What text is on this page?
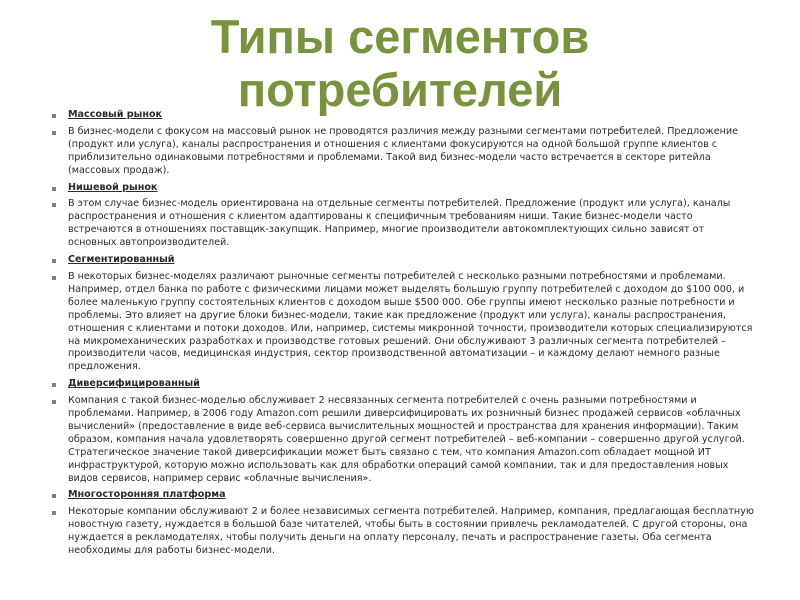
Типы сегментов
потребителей
Массовый рынок
В бизнес-модели с фокусом на массовый рынок не проводятся различия между разными сегментами потребителей. Предложение (продукт или услуга), каналы распространения и отношения с клиентами фокусируются на одной большой группе клиентов с приблизительно одинаковыми потребностями и проблемами. Такой вид бизнес-модели часто встречается в секторе ритейла (массовых продаж).
Нишевой рынок
В этом случае бизнес-модель ориентирована на отдельные сегменты потребителей. Предложение (продукт или услуга), каналы распространения и отношения с клиентом адаптированы к специфичным требованиям ниши. Такие бизнес-модели часто встречаются в отношениях поставщик-закупщик. Например, многие производители автокомплектующих сильно зависят от основных автопроизводителей.
Сегментированный
В некоторых бизнес-моделях различают рыночные сегменты потребителей с несколько разными потребностями и проблемами. Например, отдел банка по работе с физическими лицами может выделять большую группу потребителей с доходом до $100 000, и более маленькую группу состоятельных клиентов с доходом выше $500 000. Обе группы имеют несколько разные потребности и проблемы. Это влияет на другие блоки бизнес-модели, такие как предложение (продукт или услуга), каналы распространения, отношения с клиентами и потоки доходов. Или, например, системы микронной точности, производители которых специализируются на микромеханических разработках и производстве готовых решений. Они обслуживают 3 различных сегмента потребителей – производители часов, медицинская индустрия, сектор производственной автоматизации – и каждому делают немного разные предложения.
Диверсифицированный
Компания с такой бизнес-моделью обслуживает 2 несвязанных сегмента потребителей с очень разными потребностями и проблемами. Например, в 2006 году Amazon.com решили диверсифицировать их розничный бизнес продажей сервисов «облачных вычислений» (предоставление в виде веб-сервиса вычислительных мощностей и пространства для хранения информации). Таким образом, компания начала удовлетворять совершенно другой сегмент потребителей – веб-компании – совершенно другой услугой. Стратегическое значение такой диверсификации может быть связано с тем, что компания Amazon.com обладает мощной ИТ инфраструктурой, которую можно использовать как для обработки операций самой компании, так и для предоставления новых видов сервисов, например сервис «облачные вычисления».
Многосторонняя платформа
Некоторые компании обслуживают 2 и более независимых сегмента потребителей. Например, компания, предлагающая бесплатную новостную газету, нуждается в большой базе читателей, чтобы быть в состоянии привлечь рекламодателей. С другой стороны, она нуждается в рекламодателях, чтобы получить деньги на оплату персоналу, печать и распространение газеты. Оба сегмента необходимы для работы бизнес-модели.
